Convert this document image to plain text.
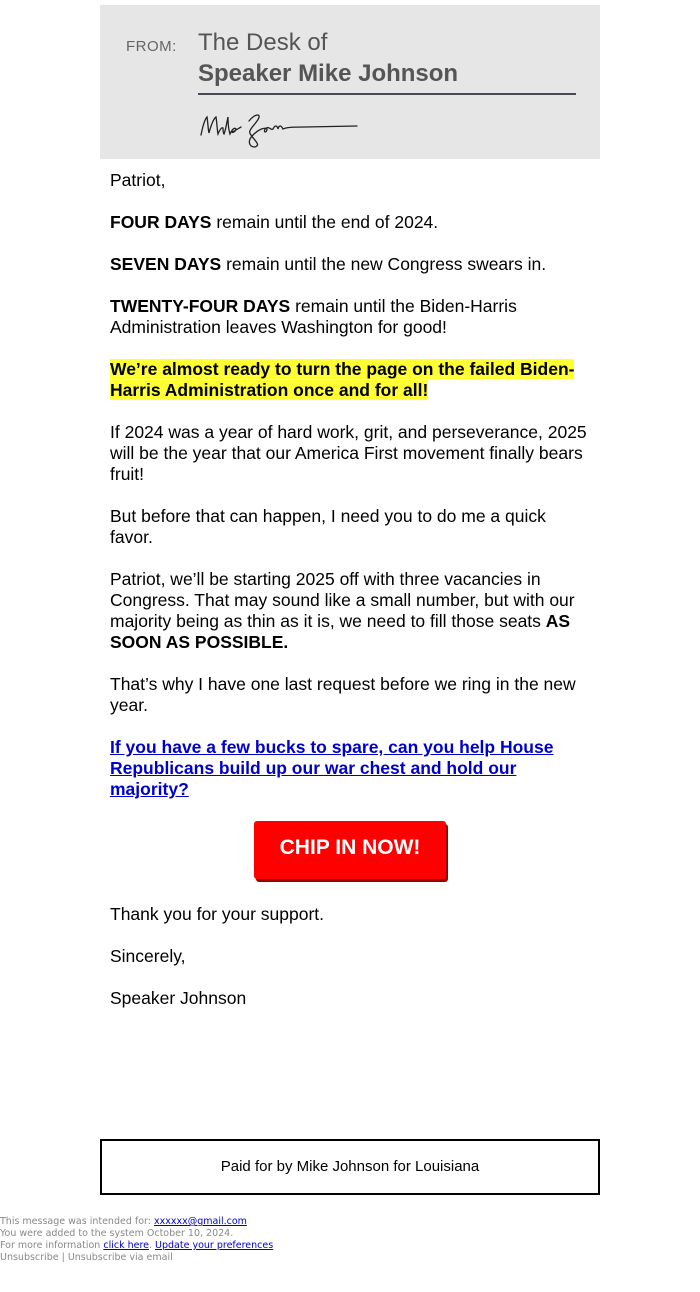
FROM: The Desk of
Speaker Mike Johnson

Patriot,

FOUR DAYS remain until the end of 2024.

SEVEN DAYS remain until the new Congress swears in.

TWENTY-FOUR DAYS remain until the Biden-Harris Administration leaves Washington for good!

We’re almost ready to turn the page on the failed Biden-Harris Administration once and for all!

If 2024 was a year of hard work, grit, and perseverance, 2025 will be the year that our America First movement finally bears fruit!

But before that can happen, I need you to do me a quick favor.

Patriot, we’ll be starting 2025 off with three vacancies in Congress. That may sound like a small number, but with our majority being as thin as it is, we need to fill those seats AS SOON AS POSSIBLE.

That’s why I have one last request before we ring in the new year.

If you have a few bucks to spare, can you help House Republicans build up our war chest and hold our majority?

CHIP IN NOW!

Thank you for your support.

Sincerely,

Speaker Johnson

Paid for by Mike Johnson for Louisiana
This message was intended for: xxxxxx@gmail.com
You were added to the system October 10, 2024.
For more information click here. Update your preferences
Unsubscribe | Unsubscribe via email
